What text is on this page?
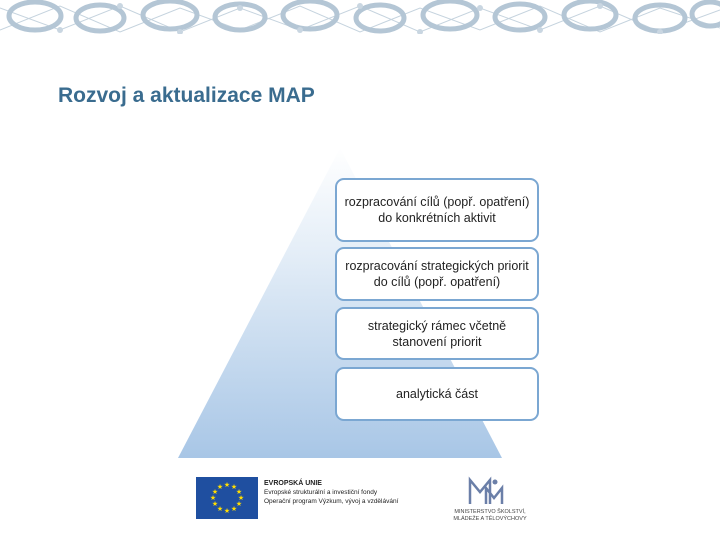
Rozvoj a aktualizace MAP
rozpracování cílů (popř. opatření) do konkrétních aktivit
rozpracování strategických priorit do cílů (popř. opatření)
strategický rámec včetně stanovení priorit
analytická část
★ ★
★
★
★
★
★
★
★
★
★
★
EVROPSKÁ UNIE
Evropské strukturální a investiční fondy
Operační program Výzkum, vývoj a vzdělávání
MINISTERSTVO ŠKOLSTVÍ,
MLÁDEŽE A TĚLOVÝCHOVY
